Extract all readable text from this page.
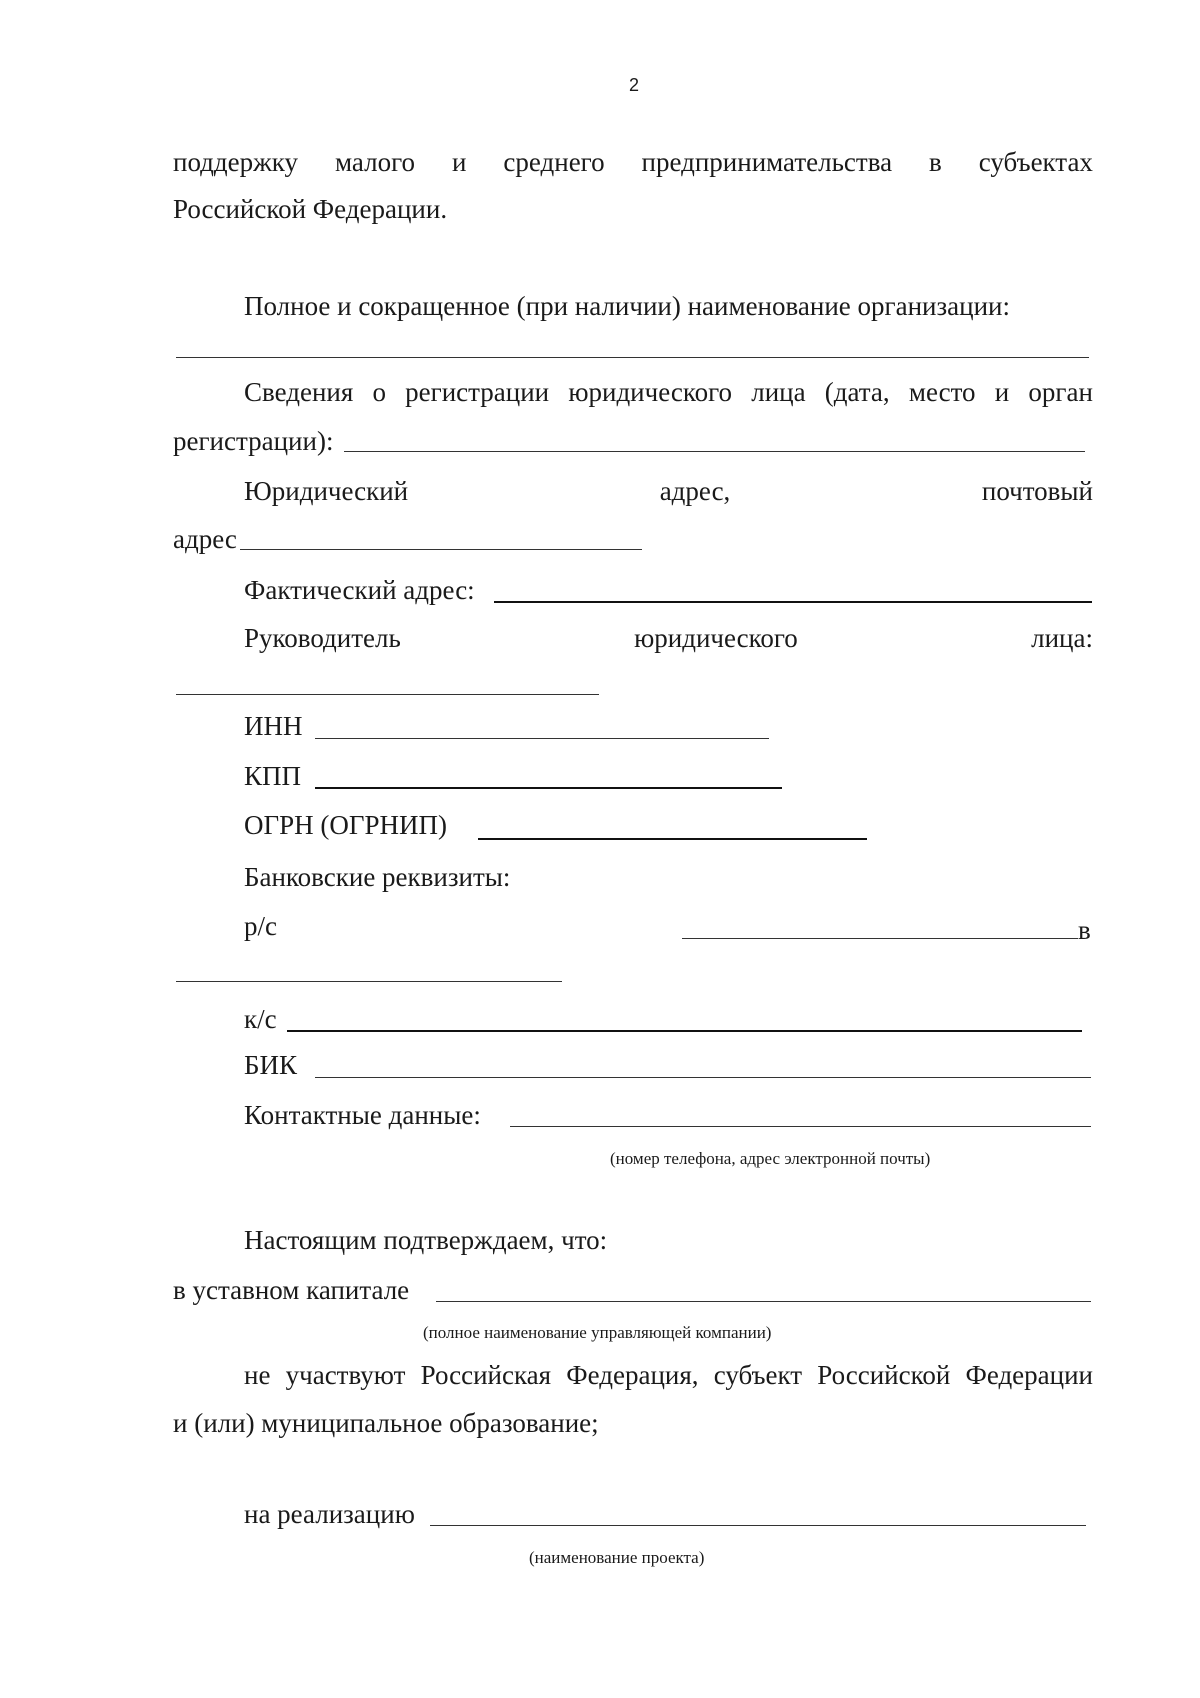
2
поддержку малого и среднего предпринимательства в субъектах
Российской Федерации.
Полное и сокращенное (при наличии) наименование организации:
Сведения о регистрации юридического лица (дата, место и орган
регистрации):
Юридический	адрес,	почтовый
адрес
Фактический адрес:
Руководитель	юридического	лица:
ИНН
КПП
ОГРН (ОГРНИП)
Банковские реквизиты:
р/с	в
к/с
БИК
Контактные данные:
(номер телефона, адрес электронной почты)
Настоящим подтверждаем, что:
в уставном капитале
(полное наименование управляющей компании)
не участвуют Российская Федерация, субъект Российской Федерации
и (или) муниципальное образование;
на реализацию
(наименование проекта)
